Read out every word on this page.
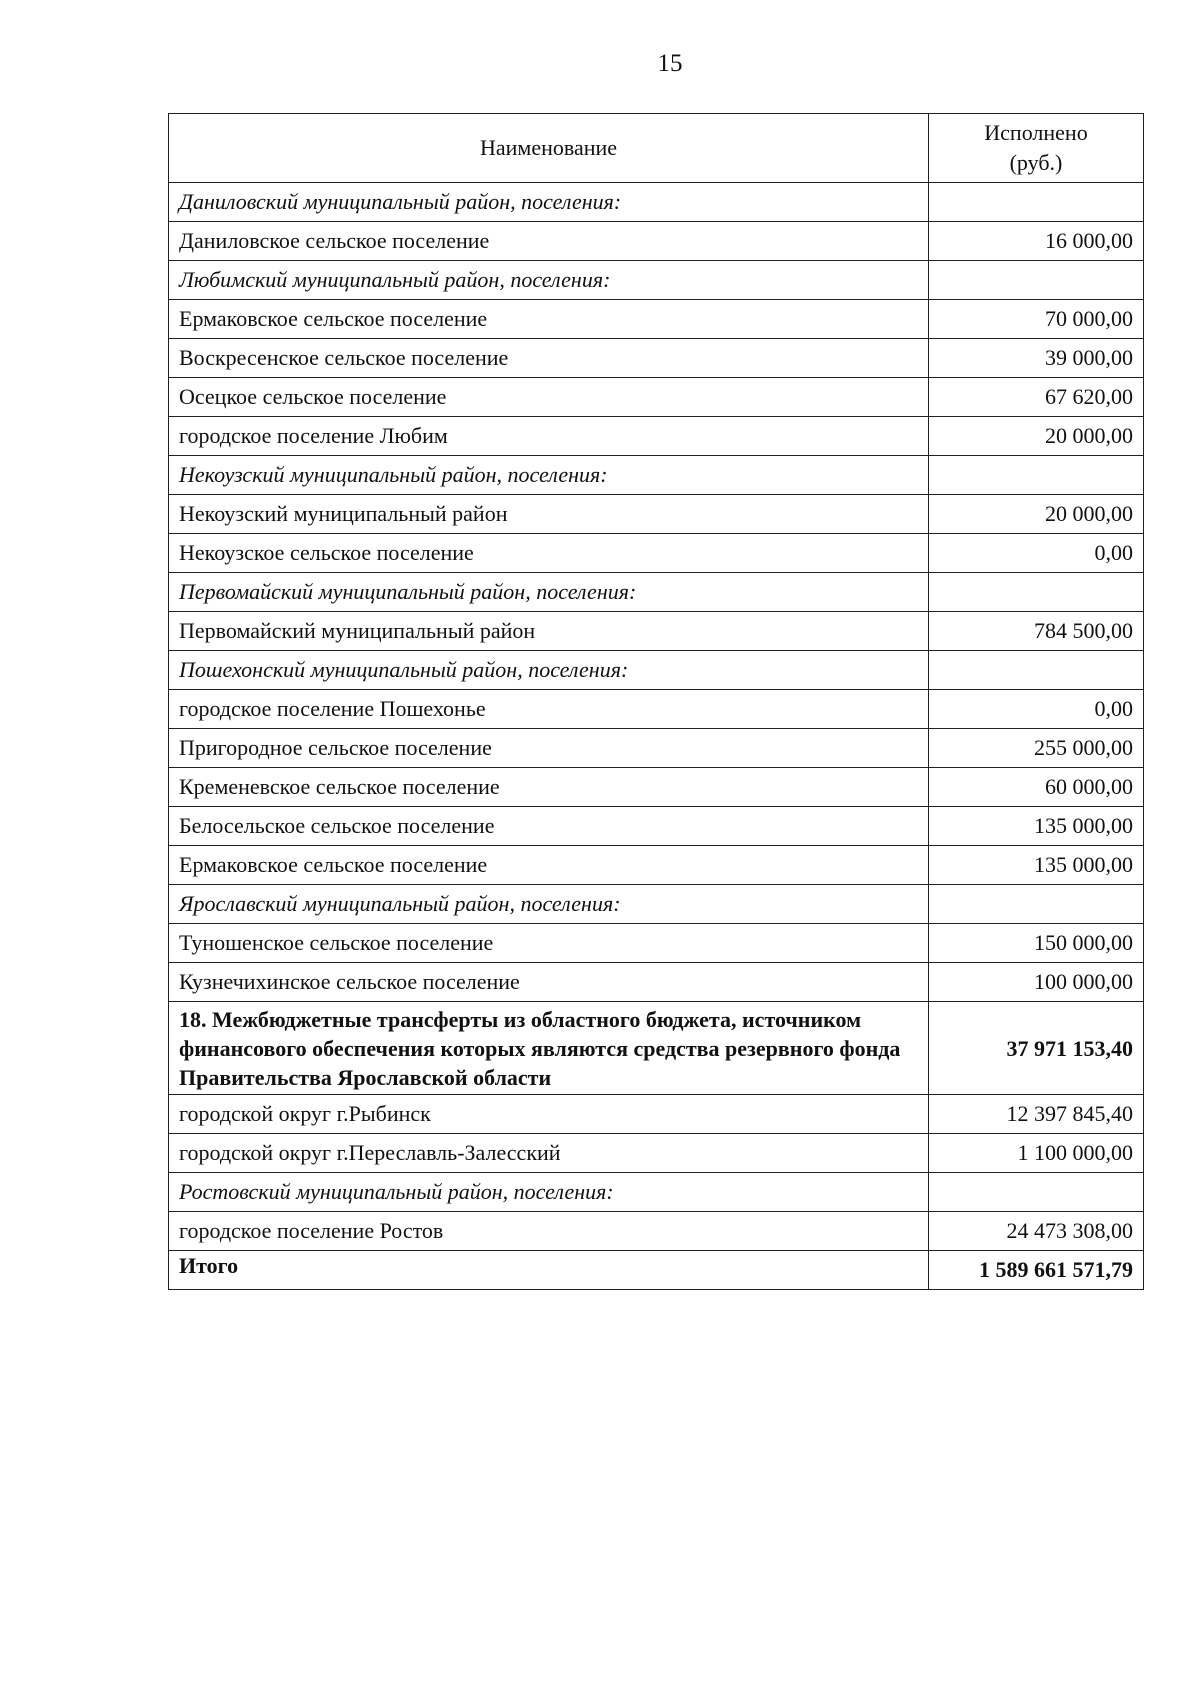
15
Наименование	Исполнено
(руб.)
Даниловский муниципальный район, поселения:	
Даниловское сельское поселение	16 000,00
Любимский муниципальный район, поселения:	
Ермаковское сельское поселение	70 000,00
Воскресенское сельское поселение	39 000,00
Осецкое сельское поселение	67 620,00
городское поселение Любим	20 000,00
Некоузский муниципальный район, поселения:	
Некоузский муниципальный район	20 000,00
Некоузское сельское поселение	0,00
Первомайский муниципальный район, поселения:	
Первомайский муниципальный район	784 500,00
Пошехонский муниципальный район, поселения:	
городское поселение Пошехонье	0,00
Пригородное сельское поселение	255 000,00
Кременевское сельское поселение	60 000,00
Белосельское сельское поселение	135 000,00
Ермаковское сельское поселение	135 000,00
Ярославский муниципальный район, поселения:	
Туношенское сельское поселение	150 000,00
Кузнечихинское сельское поселение	100 000,00
18. Межбюджетные трансферты из областного бюджета, источником финансового обеспечения которых являются средства резервного фонда Правительства Ярославской области	37 971 153,40
городской округ г.Рыбинск	12 397 845,40
городской округ г.Переславль-Залесский	1 100 000,00
Ростовский муниципальный район, поселения:	
городское поселение Ростов	24 473 308,00
Итого	1 589 661 571,79
